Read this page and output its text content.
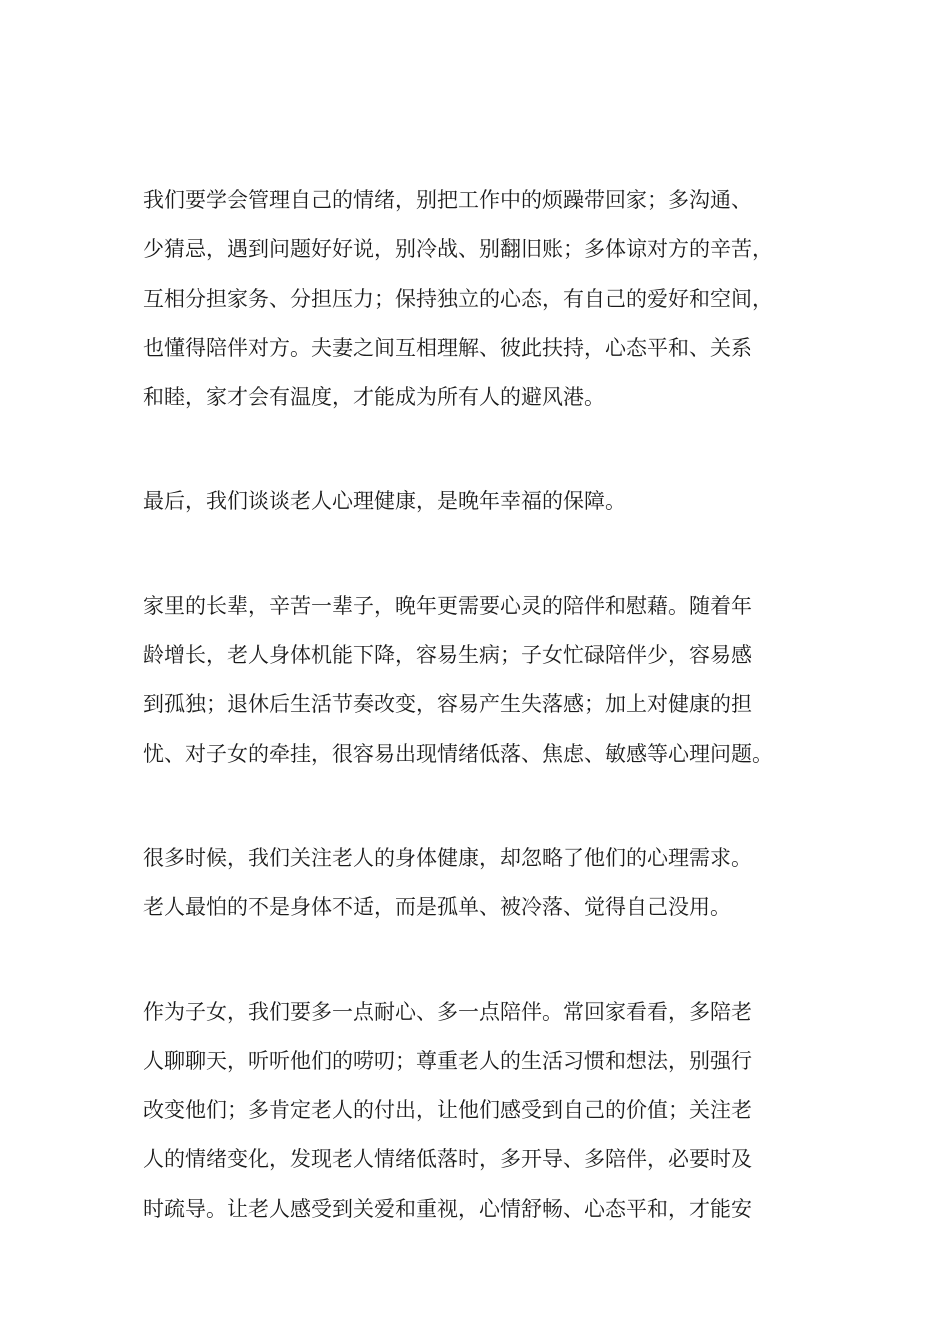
我们要学会管理自己的情绪，别把工作中的烦躁带回家；多沟通、
少猜忌，遇到问题好好说，别冷战、别翻旧账；多体谅对方的辛苦，
互相分担家务、分担压力；保持独立的心态，有自己的爱好和空间，
也懂得陪伴对方。夫妻之间互相理解、彼此扶持，心态平和、关系
和睦，家才会有温度，才能成为所有人的避风港。
最后，我们谈谈老人心理健康，是晚年幸福的保障。
家里的长辈，辛苦一辈子，晚年更需要心灵的陪伴和慰藉。随着年
龄增长，老人身体机能下降，容易生病；子女忙碌陪伴少，容易感
到孤独；退休后生活节奏改变，容易产生失落感；加上对健康的担
忧、对子女的牵挂，很容易出现情绪低落、焦虑、敏感等心理问题。
很多时候，我们关注老人的身体健康，却忽略了他们的心理需求。
老人最怕的不是身体不适，而是孤单、被冷落、觉得自己没用。
作为子女，我们要多一点耐心、多一点陪伴。常回家看看，多陪老
人聊聊天，听听他们的唠叨；尊重老人的生活习惯和想法，别强行
改变他们；多肯定老人的付出，让他们感受到自己的价值；关注老
人的情绪变化，发现老人情绪低落时，多开导、多陪伴，必要时及
时疏导。让老人感受到关爱和重视，心情舒畅、心态平和，才能安
